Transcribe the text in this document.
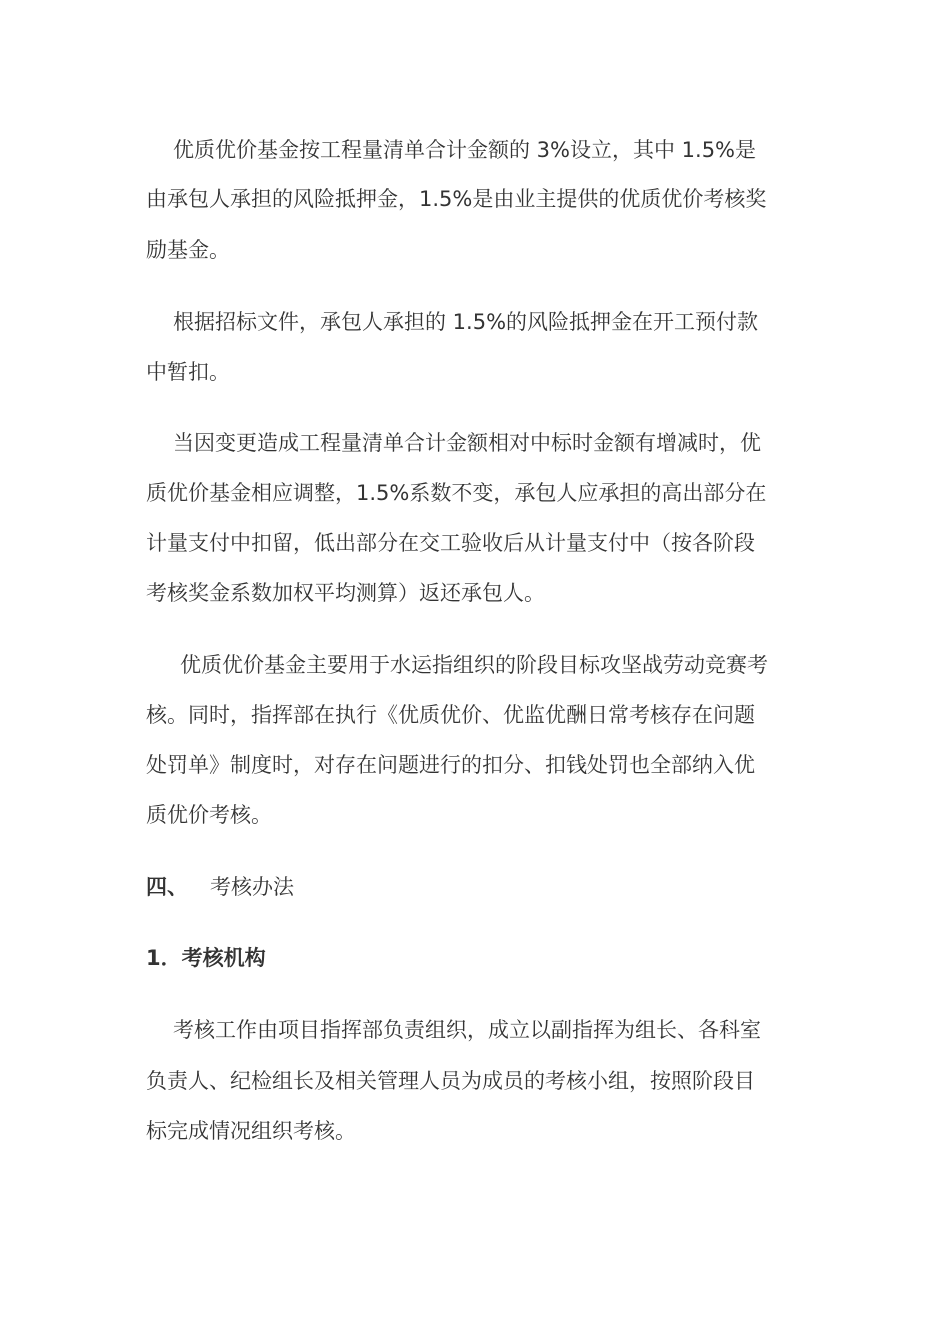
优质优价基金按工程量清单合计金额的 3%设立，其中 1.5%是
由承包人承担的风险抵押金，1.5%是由业主提供的优质优价考核奖
励基金。
根据招标文件，承包人承担的 1.5%的风险抵押金在开工预付款
中暂扣。
当因变更造成工程量清单合计金额相对中标时金额有增减时，优
质优价基金相应调整，1.5%系数不变，承包人应承担的高出部分在
计量支付中扣留，低出部分在交工验收后从计量支付中（按各阶段
考核奖金系数加权平均测算）返还承包人。
优质优价基金主要用于水运指组织的阶段目标攻坚战劳动竞赛考
核。同时，指挥部在执行《优质优价、优监优酬日常考核存在问题
处罚单》制度时，对存在问题进行的扣分、扣钱处罚也全部纳入优
质优价考核。
四、 考核办法
1．考核机构
考核工作由项目指挥部负责组织，成立以副指挥为组长、各科室
负责人、纪检组长及相关管理人员为成员的考核小组，按照阶段目
标完成情况组织考核。
